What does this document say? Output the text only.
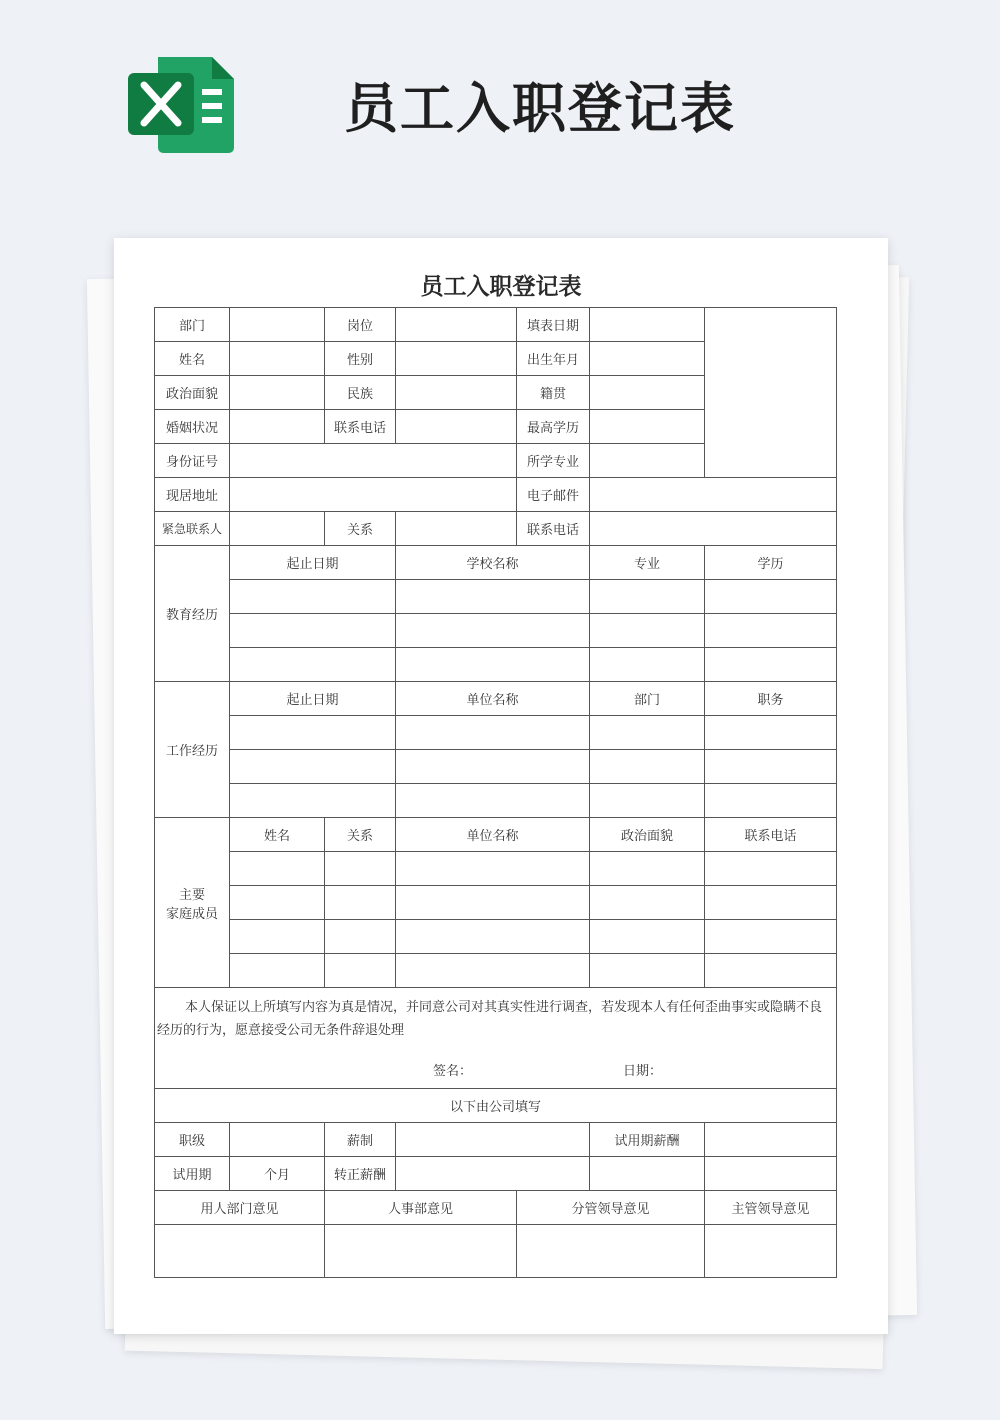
员工入职登记表
员工入职登记表
部门		岗位		填表日期		
姓名		性别		出生年月		
政治面貌		民族		籍贯		
婚姻状况		联系电话		最高学历		
身份证号				所学专业		
现居地址				电子邮件		
紧急联系人		关系		联系电话		
教育经历	起止日期		学校名称		专业	学历

工作经历	起止日期		单位名称		部门	职务

主要
家庭成员	姓名	关系	单位名称		政治面貌	联系电话

本人保证以上所填写内容为真是情况，并同意公司对其真实性进行调查，若发现本人有任何歪曲事实或隐瞒不良经历的行为，愿意接受公司无条件辞退处理
签名： 日期：						

以下由公司填写						
职级		薪制			试用期薪酬	
试用期	个月	转正薪酬				
用人部门意见		人事部意见		分管领导意见		主管领导意见
